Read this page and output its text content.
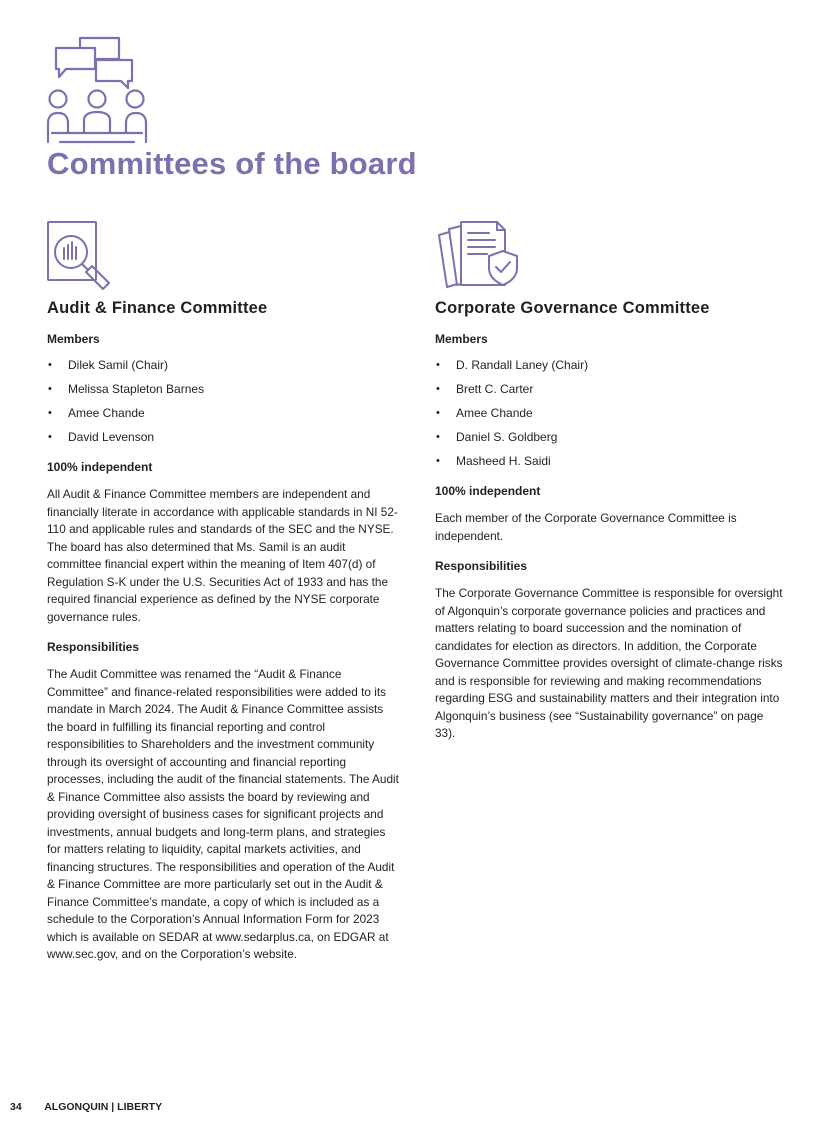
Committees of the board
Audit & Finance Committee
Members
• Dilek Samil (Chair)
• Melissa Stapleton Barnes
• Amee Chande
• David Levenson
100% independent
All Audit & Finance Committee members are independent and financially literate in accordance with applicable standards in NI 52-110 and applicable rules and standards of the SEC and the NYSE. The board has also determined that Ms. Samil is an audit committee financial expert within the meaning of Item 407(d) of Regulation S-K under the U.S. Securities Act of 1933 and has the required financial experience as defined by the NYSE corporate governance rules.
Responsibilities
The Audit Committee was renamed the “Audit & Finance Committee” and finance-related responsibilities were added to its mandate in March 2024. The Audit & Finance Committee assists the board in fulfilling its financial reporting and control responsibilities to Shareholders and the investment community through its oversight of accounting and financial reporting processes, including the audit of the financial statements. The Audit & Finance Committee also assists the board by reviewing and providing oversight of business cases for significant projects and investments, annual budgets and long-term plans, and strategies for matters relating to liquidity, capital markets activities, and financing structures. The responsibilities and operation of the Audit & Finance Committee are more particularly set out in the Audit & Finance Committee’s mandate, a copy of which is included as a schedule to the Corporation’s Annual Information Form for 2023 which is available on SEDAR at www.sedarplus.ca, on EDGAR at www.sec.gov, and on the Corporation’s website.
Corporate Governance Committee
Members
• D. Randall Laney (Chair)
• Brett C. Carter
• Amee Chande
• Daniel S. Goldberg
• Masheed H. Saidi
100% independent
Each member of the Corporate Governance Committee is independent.
Responsibilities
The Corporate Governance Committee is responsible for oversight of Algonquin’s corporate governance policies and practices and matters relating to board succession and the nomination of candidates for election as directors. In addition, the Corporate Governance Committee provides oversight of climate-change risks and is responsible for reviewing and making recommendations regarding ESG and sustainability matters and their integration into Algonquin’s business (see “Sustainability governance” on page 33).
34 ALGONQUIN | LIBERTY
